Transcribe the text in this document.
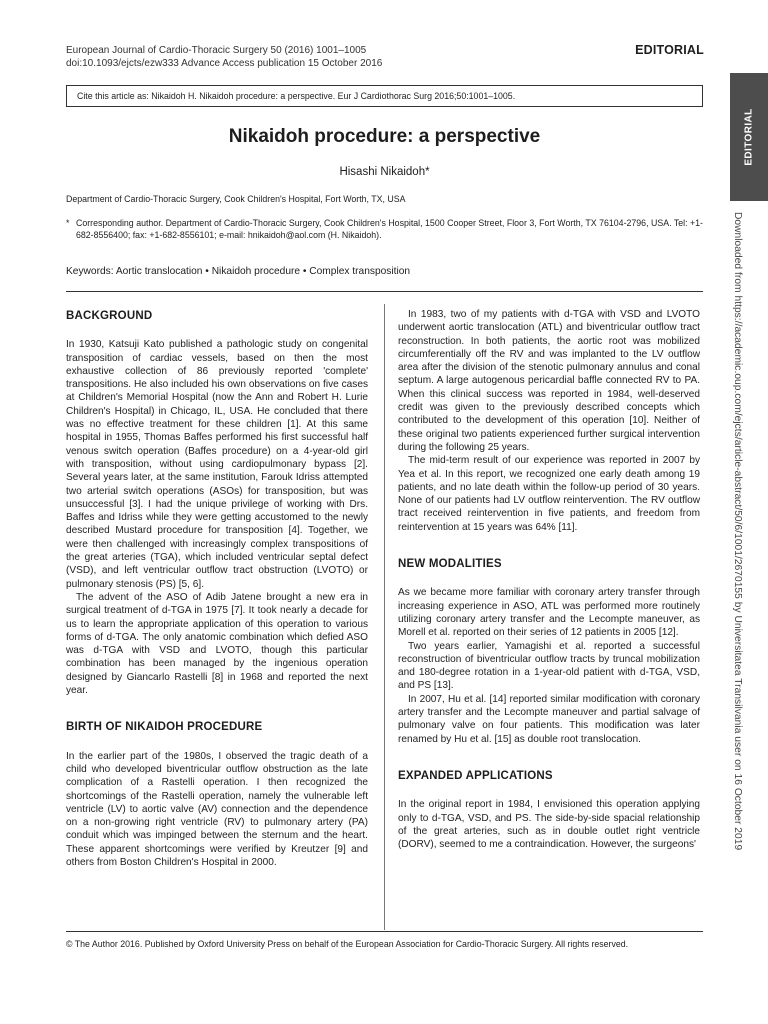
European Journal of Cardio-Thoracic Surgery 50 (2016) 1001–1005
doi:10.1093/ejcts/ezw333 Advance Access publication 15 October 2016
EDITORIAL
EDITORIAL
Downloaded from https://academic.oup.com/ejcts/article-abstract/50/6/1001/2670155 by Universitatea Transilvania user on 16 October 2019
Cite this article as: Nikaidoh H. Nikaidoh procedure: a perspective. Eur J Cardiothorac Surg 2016;50:1001–1005.
Nikaidoh procedure: a perspective
Hisashi Nikaidoh*
Department of Cardio-Thoracic Surgery, Cook Children's Hospital, Fort Worth, TX, USA
* Corresponding author. Department of Cardio-Thoracic Surgery, Cook Children's Hospital, 1500 Cooper Street, Floor 3, Fort Worth, TX 76104-2796, USA. Tel: +1-682-8556400; fax: +1-682-8556101; e-mail: hnikaidoh@aol.com (H. Nikaidoh).
Keywords: Aortic translocation • Nikaidoh procedure • Complex transposition
BACKGROUND

In 1930, Katsuji Kato published a pathologic study on congenital transposition of cardiac vessels, based on then the most exhaustive collection of 86 previously reported 'complete' transpositions. He also included his own observations on five cases at Children's Memorial Hospital (now the Ann and Robert H. Lurie Children's Hospital) in Chicago, IL, USA. He concluded that there was no effective treatment for these children [1]. At this same hospital in 1955, Thomas Baffes performed his first successful half venous switch operation (Baffes procedure) on a 4-year-old girl with transposition, without using cardiopulmonary bypass [2]. Several years later, at the same institution, Farouk Idriss attempted two arterial switch operations (ASOs) for transposition, but was unsuccessful [3]. I had the unique privilege of working with Drs. Baffes and Idriss while they were getting accustomed to the newly described Mustard procedure for transposition [4]. Together, we were then challenged with increasingly complex transpositions of the great arteries (TGA), which included ventricular septal defect (VSD), and left ventricular outflow tract obstruction (LVOTO) or pulmonary stenosis (PS) [5, 6].

The advent of the ASO of Adib Jatene brought a new era in surgical treatment of d-TGA in 1975 [7]. It took nearly a decade for us to learn the appropriate application of this operation to various forms of d-TGA. The only anatomic combination which defied ASO was d-TGA with VSD and LVOTO, though this particular combination has been managed by the ingenious operation designed by Giancarlo Rastelli [8] in 1968 and reported the next year.

BIRTH OF NIKAIDOH PROCEDURE

In the earlier part of the 1980s, I observed the tragic death of a child who developed biventricular outflow obstruction as the late complication of a Rastelli operation. I then recognized the shortcomings of the Rastelli operation, namely the vulnerable left ventricle (LV) to aortic valve (AV) connection and the dependence on a non-growing right ventricle (RV) to pulmonary artery (PA) conduit which was impinged between the sternum and the heart. These apparent shortcomings were verified by Kreutzer [9] and others from Boston Children's Hospital in 2000.

In 1983, two of my patients with d-TGA with VSD and LVOTO underwent aortic translocation (ATL) and biventricular outflow tract reconstruction. In both patients, the aortic root was mobilized circumferentially off the RV and was implanted to the LV outflow area after the division of the stenotic pulmonary annulus and conal septum. A large autogenous pericardial baffle connected RV to PA. When this clinical success was reported in 1984, well-deserved credit was given to the previously described concepts which contributed to the development of this operation [10]. Neither of these original two patients experienced further surgical intervention during the following 25 years.

The mid-term result of our experience was reported in 2007 by Yea et al. In this report, we recognized one early death among 19 patients, and no late death within the follow-up period of 30 years. None of our patients had LV outflow reintervention. The RV outflow tract received reintervention in five patients, and freedom from reintervention at 15 years was 64% [11].

NEW MODALITIES

As we became more familiar with coronary artery transfer through increasing experience in ASO, ATL was performed more routinely utilizing coronary artery transfer and the Lecompte maneuver, as Morell et al. reported on their series of 12 patients in 2005 [12].

Two years earlier, Yamagishi et al. reported a successful reconstruction of biventricular outflow tracts by truncal mobilization and 180-degree rotation in a 1-year-old patient with d-TGA, VSD, and PS [13].

In 2007, Hu et al. [14] reported similar modification with coronary artery transfer and the Lecompte maneuver and partial salvage of pulmonary valve on four patients. This modification was later renamed by Hu et al. [15] as double root translocation.

EXPANDED APPLICATIONS

In the original report in 1984, I envisioned this operation applying only to d-TGA, VSD, and PS. The side-by-side spacial relationship of the great arteries, such as in double outlet right ventricle (DORV), seemed to me a contraindication. However, the surgeons'

© The Author 2016. Published by Oxford University Press on behalf of the European Association for Cardio-Thoracic Surgery. All rights reserved.
